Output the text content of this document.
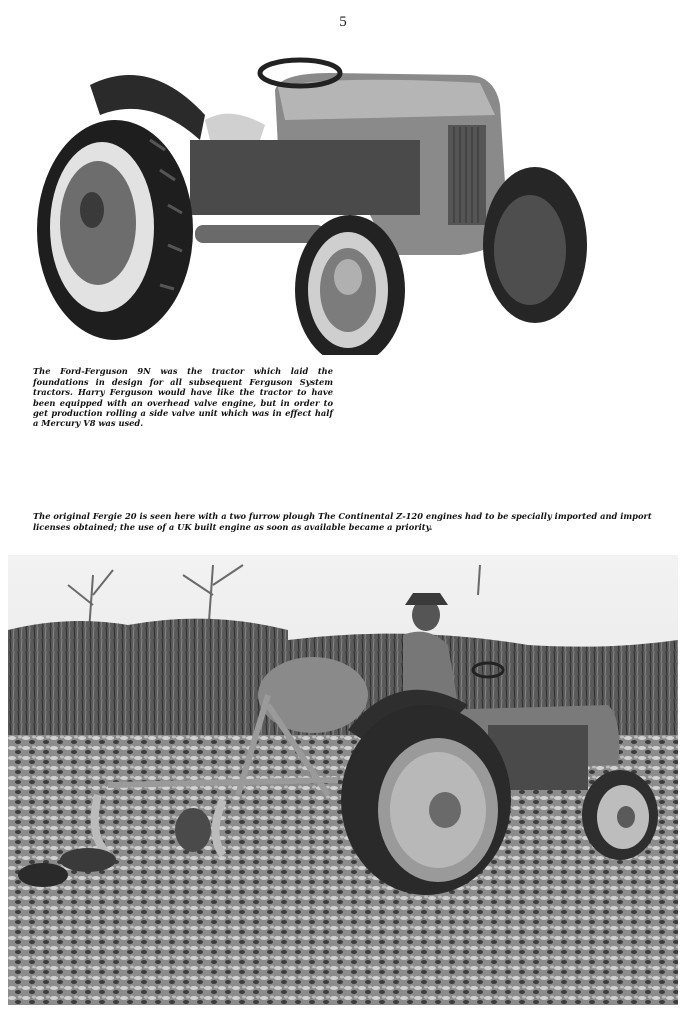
5

The Ford-Ferguson 9N was the tractor which laid the foundations in design for all subsequent Ferguson System tractors. Harry Ferguson would have like the tractor to have been equipped with an overhead valve engine, but in order to get production rolling a side valve unit which was in effect half a Mercury V8 was used.

The original Fergie 20 is seen here with a two furrow plough The Continental Z-120 engines had to be specially imported and import licenses obtained; the use of a UK built engine as soon as available became a priority.
